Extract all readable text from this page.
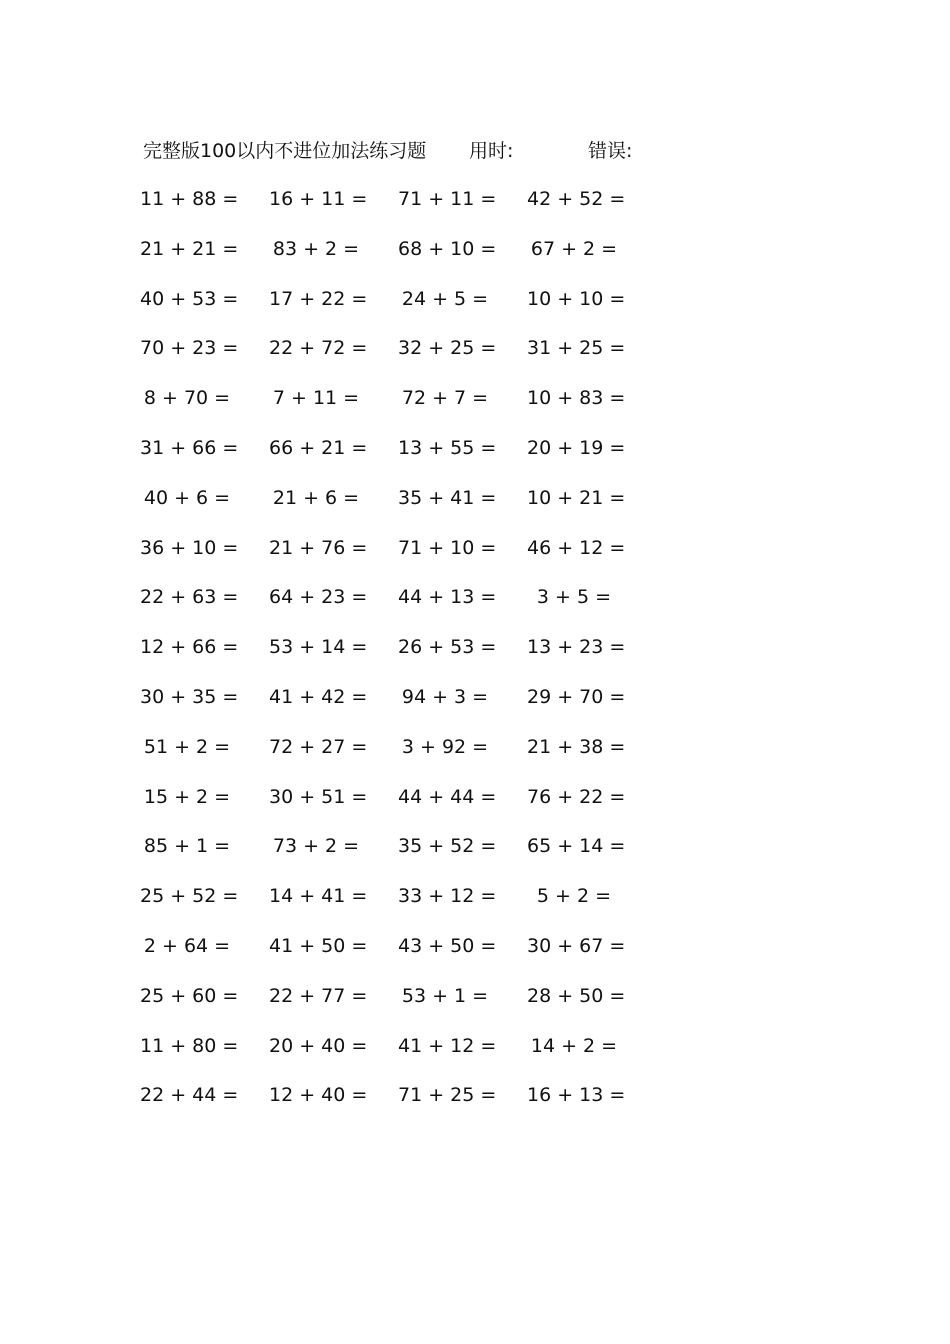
完整版100以内不进位加法练习题 用时:	错误:
11 + 88 = 16 + 11 = 71 + 11 = 42 + 52 =
21 + 21 = 83 + 2 = 68 + 10 = 67 + 2 =
40 + 53 = 17 + 22 = 24 + 5 = 10 + 10 =
70 + 23 = 22 + 72 = 32 + 25 = 31 + 25 =
8 + 70 = 7 + 11 = 72 + 7 = 10 + 83 =
31 + 66 = 66 + 21 = 13 + 55 = 20 + 19 =
40 + 6 = 21 + 6 = 35 + 41 = 10 + 21 =
36 + 10 = 21 + 76 = 71 + 10 = 46 + 12 =
22 + 63 = 64 + 23 = 44 + 13 =	3 + 5 =
12 + 66 = 53 + 14 = 26 + 53 = 13 + 23 =
30 + 35 = 41 + 42 = 94 + 3 = 29 + 70 =
51 + 2 = 72 + 27 = 3 + 92 = 21 + 38 =
15 + 2 = 30 + 51 = 44 + 44 = 76 + 22 =
85 + 1 = 73 + 2 = 35 + 52 = 65 + 14 =
25 + 52 = 14 + 41 = 33 + 12 =	5 + 2 =
2 + 64 = 41 + 50 = 43 + 50 = 30 + 67 =
25 + 60 = 22 + 77 = 53 + 1 = 28 + 50 =
11 + 80 = 20 + 40 = 41 + 12 = 14 + 2 =
22 + 44 = 12 + 40 = 71 + 25 = 16 + 13 =
